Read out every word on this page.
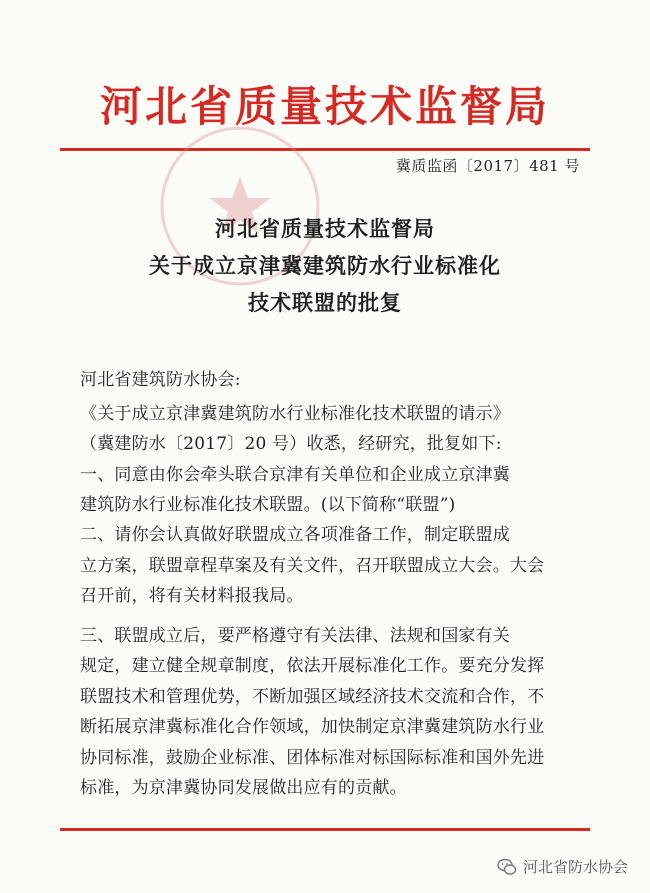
河北省质量技术监督局
冀质监函〔2017〕481 号
河北省质量技术监督局
关于成立京津冀建筑防水行业标准化
技术联盟的批复
河北省建筑防水协会:
《关于成立京津冀建筑防水行业标准化技术联盟的请示》
（冀建防水〔2017〕20 号）收悉，经研究，批复如下:
一、同意由你会牵头联合京津有关单位和企业成立京津冀
建筑防水行业标准化技术联盟。(以下简称“联盟”)
二、请你会认真做好联盟成立各项准备工作，制定联盟成
立方案，联盟章程草案及有关文件，召开联盟成立大会。大会
召开前，将有关材料报我局。
三、联盟成立后，要严格遵守有关法律、法规和国家有关
规定，建立健全规章制度，依法开展标准化工作。要充分发挥
联盟技术和管理优势，不断加强区域经济技术交流和合作，不
断拓展京津冀标准化合作领域，加快制定京津冀建筑防水行业
协同标准，鼓励企业标准、团体标准对标国际标准和国外先进
标准，为京津冀协同发展做出应有的贡献。
河北省防水协会
